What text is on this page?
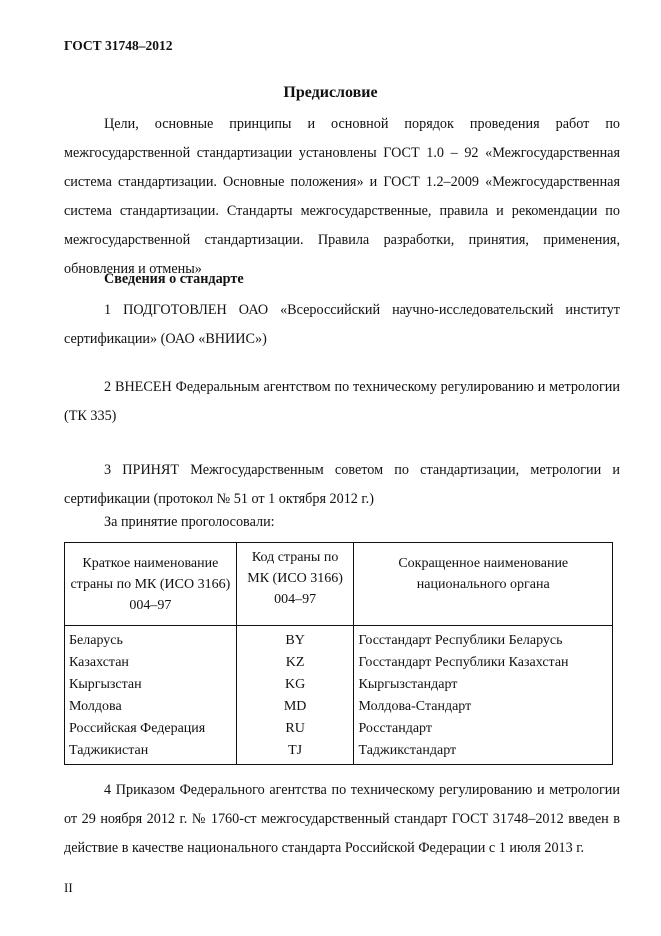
ГОСТ 31748–2012
Предисловие

Цели, основные принципы и основной порядок проведения работ по межгосударственной стандартизации установлены ГОСТ 1.0 – 92 «Межгосударственная система стандартизации. Основные положения» и ГОСТ 1.2–2009 «Межгосударственная система стандартизации. Стандарты межгосударственные, правила и рекомендации по межгосударственной стандартизации. Правила разработки, принятия, применения, обновления и отмены»

Сведения о стандарте

1 ПОДГОТОВЛЕН ОАО «Всероссийский научно-исследовательский институт сертификации» (ОАО «ВНИИС»)

2 ВНЕСЕН Федеральным агентством по техническому регулированию и метрологии (ТК 335)

3 ПРИНЯТ Межгосударственным советом по стандартизации, метрологии и сертификации (протокол № 51 от 1 октября 2012 г.)

За принятие проголосовали:
Краткое наименование страны по МК (ИСО 3166) 004–97	Код страны по МК (ИСО 3166) 004–97	Сокращенное наименование национального органа
Беларусь	BY	Госстандарт Республики Беларусь
Казахстан	KZ	Госстандарт Республики Казахстан
Кыргызстан	KG	Кыргызстандарт
Молдова	MD	Молдова-Стандарт
Российская Федерация	RU	Росстандарт
Таджикистан	TJ	Таджикстандарт

4 Приказом Федерального агентства по техническому регулированию и метрологии от 29 ноября 2012 г. № 1760-ст межгосударственный стандарт ГОСТ 31748–2012 введен в действие в качестве национального стандарта Российской Федерации с 1 июля 2013 г.

II
